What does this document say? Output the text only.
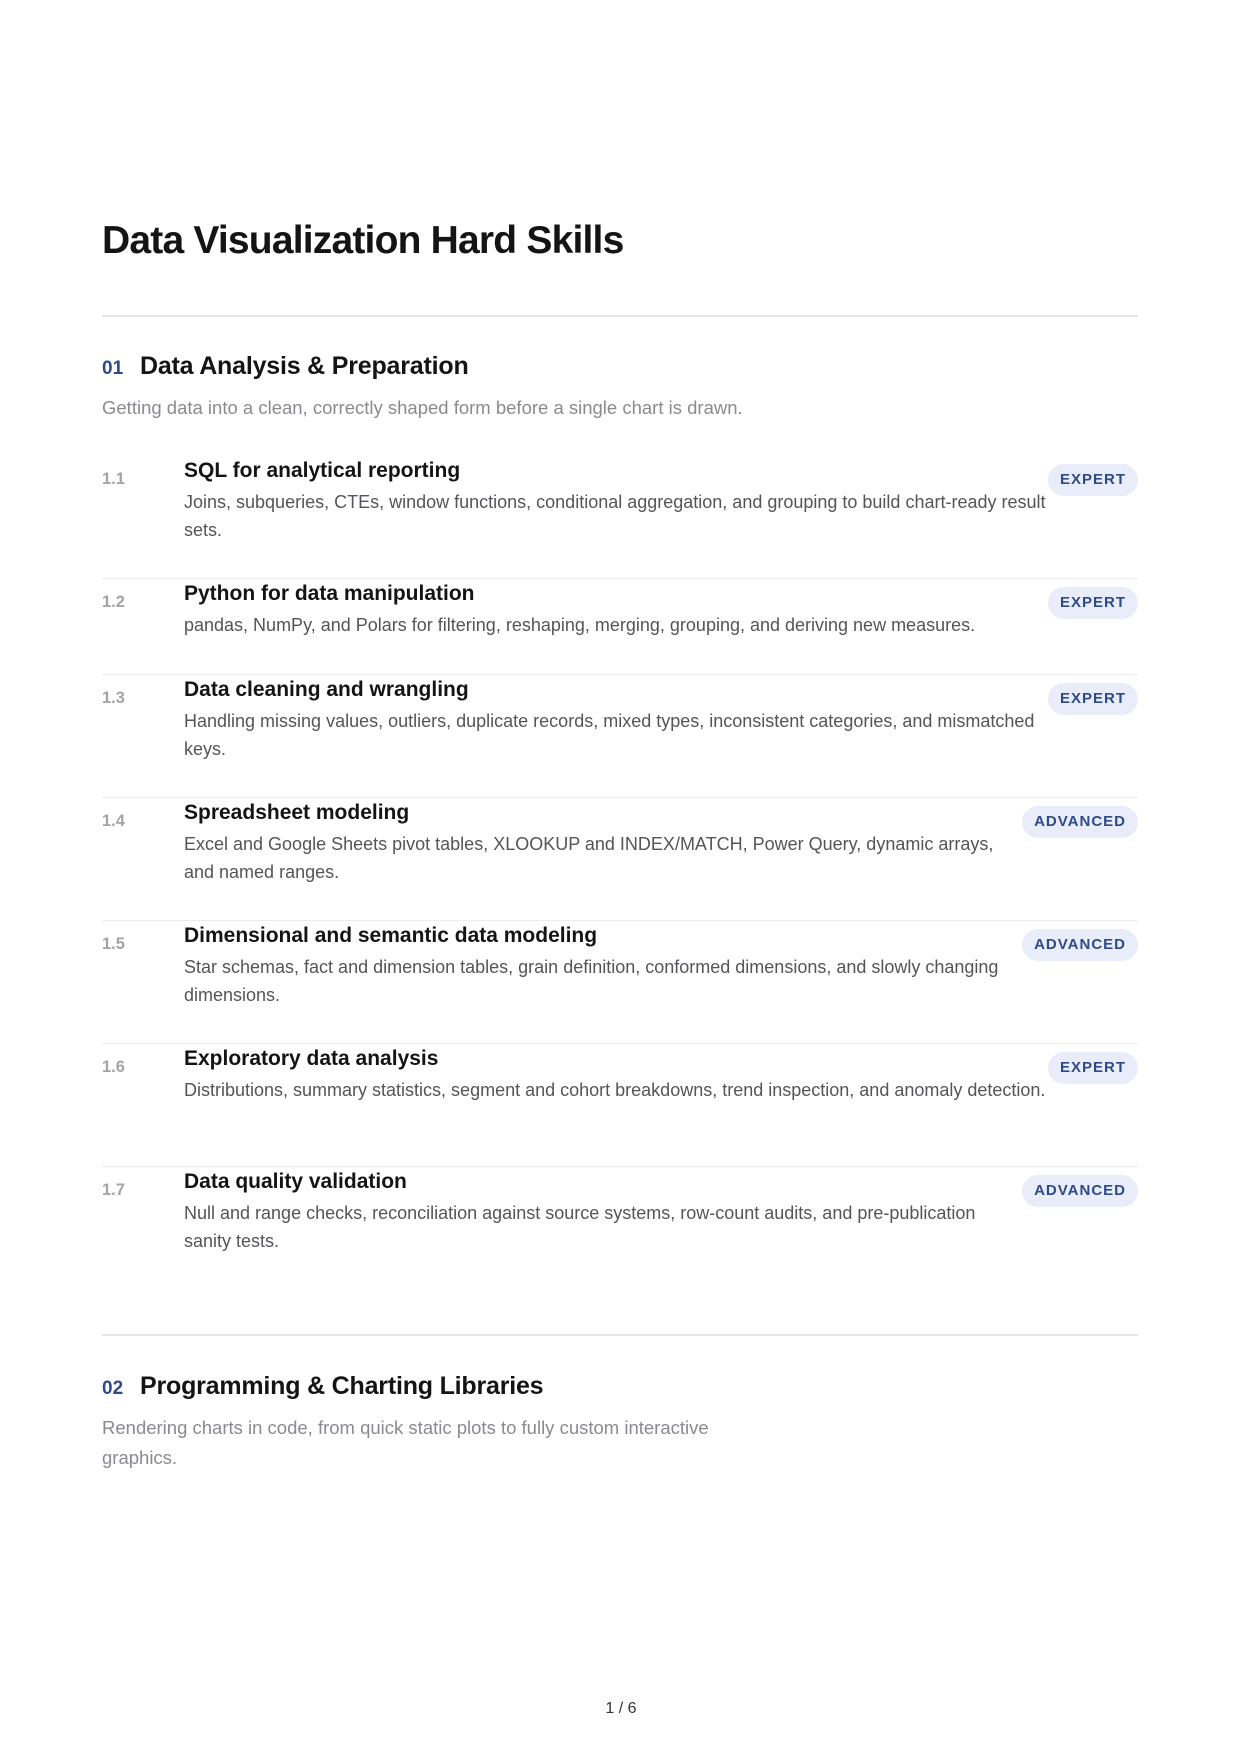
Data Visualization Hard Skills
01 Data Analysis & Preparation

Getting data into a clean, correctly shaped form before a single chart is drawn.

1.1	SQL for analytical reporting
Joins, subqueries, CTEs, window functions, conditional aggregation, and grouping to build chart-ready result sets.
EXPERT
1.2	Python for data manipulation
pandas, NumPy, and Polars for filtering, reshaping, merging, grouping, and deriving new measures.
EXPERT
1.3	Data cleaning and wrangling
Handling missing values, outliers, duplicate records, mixed types, inconsistent categories, and mismatched keys.
EXPERT
1.4	Spreadsheet modeling
Excel and Google Sheets pivot tables, XLOOKUP and INDEX/MATCH, Power Query, dynamic arrays, and named ranges.
ADVANCED
1.5	Dimensional and semantic data modeling
Star schemas, fact and dimension tables, grain definition, conformed dimensions, and slowly changing dimensions.
ADVANCED
1.6	Exploratory data analysis
Distributions, summary statistics, segment and cohort breakdowns, trend inspection, and anomaly detection.
EXPERT
1.7	Data quality validation
Null and range checks, reconciliation against source systems, row-count audits, and pre-publication sanity tests.
ADVANCED
02 Programming & Charting Libraries

Rendering charts in code, from quick static plots to fully custom interactive graphics.

1 / 6
